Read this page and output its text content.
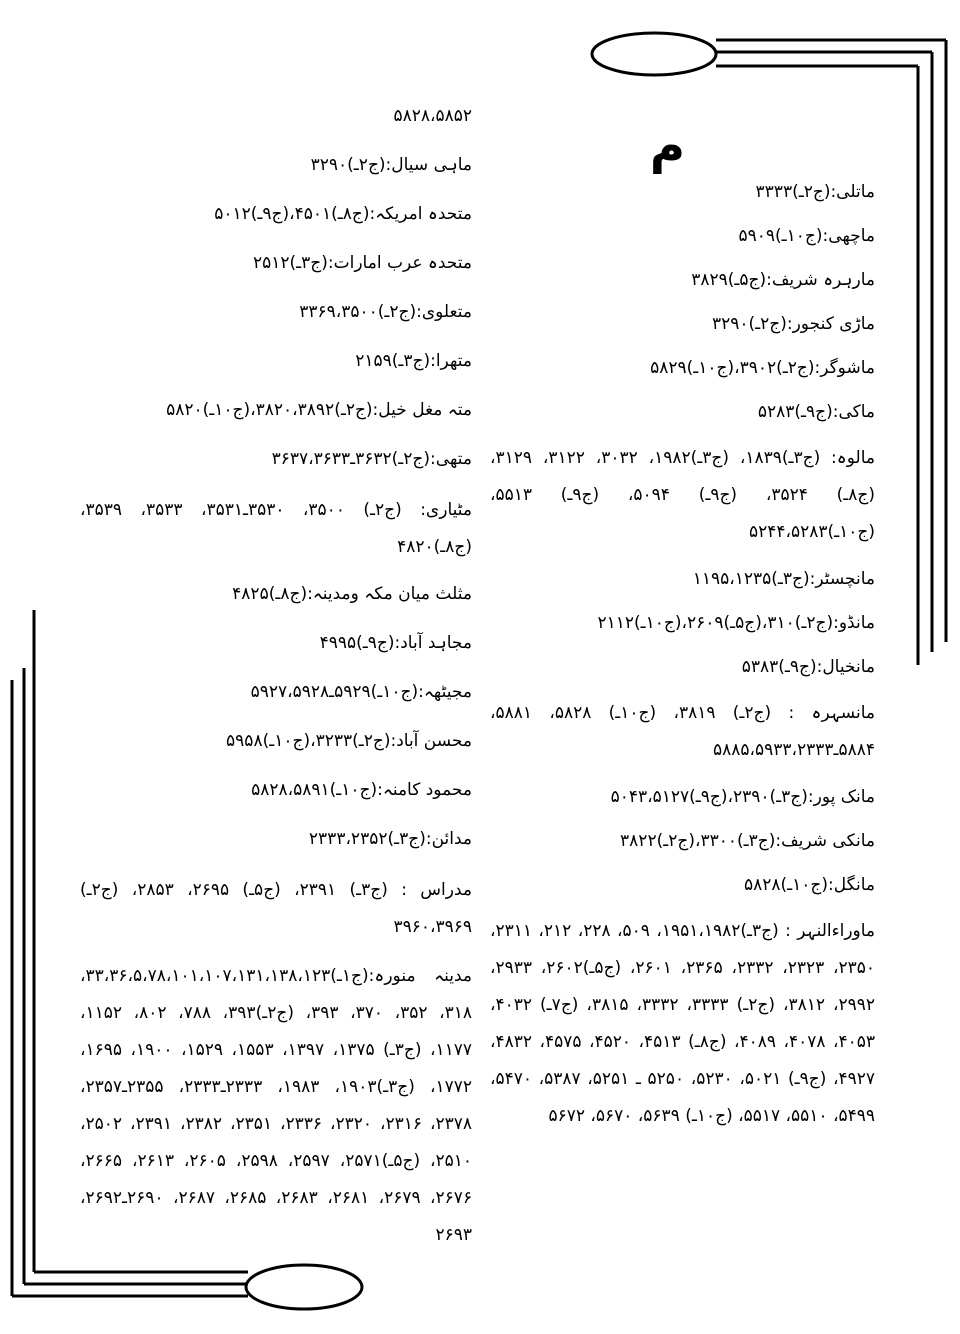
م
ماتلی:(ج۲ـ)۳۳۳۳
ماچھی:(ج۱۰ـ)۵۹۰۹
مارہرہ شریف:(ج۵ـ)۳۸۲۹
ماڑی کنجور:(ج۲ـ)۳۲۹۰
ماشوگر:(ج۲ـ)۳۹۰۲،(ج۱۰ـ)۵۸۲۹
ماکی:(ج۹ـ)۵۲۸۳
مالوہ: (ج۳ـ)۱۸۳۹، (ج۳ـ)۱۹۸۲، ۳۰۳۲، ۳۱۲۲، ۳۱۲۹، (ج۸ـ) ۳۵۲۴، (ج۹ـ) ۵۰۹۴، (ج۹ـ) ۵۵۱۳، (ج۱۰ـ)۵۲۴۴،۵۲۸۳
مانچسٹر:(ج۳ـ)۱۱۹۵،۱۲۳۵
مانڈو:(ج۲ـ)۳۱۰،(ج۵ـ)۲۶۰۹،(ج۱۰ـ)۲۱۱۲
مانخیال:(ج۹ـ)۵۳۸۳
مانسہرہ : (ج۲ـ) ۳۸۱۹، (ج۱۰ـ) ۵۸۲۸، ۵۸۸۱، ۵۸۸۴ـ۵۸۸۵،۵۹۳۳،۲۳۳۳
مانک پور:(ج۳ـ)۲۳۹۰،(ج۹ـ)۵۰۴۳،۵۱۲۷
مانکی شریف:(ج۳ـ)۳۳۰۰،(ج۲ـ)۳۸۲۲
مانگل:(ج۱۰ـ)۵۸۲۸
ماوراءالنہر : (ج۳ـ)۱۹۵۱،۱۹۸۲، ۵۰۹، ۲۲۸، ۲۱۲، ۲۳۱۱، ۲۳۵۰، ۲۳۲۳، ۲۳۳۲، ۲۳۶۵، ۲۶۰۱، (ج۵ـ)۲۶۰۲، ۲۹۳۳، ۲۹۹۲، ۳۸۱۲، (ج۲ـ) ۳۳۳۳، ۳۳۳۲، ۳۸۱۵، (ج۷ـ) ۴۰۳۲، ۴۰۵۳، ۴۰۷۸، ۴۰۸۹، (ج۸ـ) ۴۵۱۳، ۴۵۲۰، ۴۵۷۵، ۴۸۳۲، ۴۹۲۷، (ج۹ـ) ۵۰۲۱، ۵۲۳۰، ۵۲۵۰ ـ ۵۲۵۱، ۵۳۸۷، ۵۴۷۰، ۵۴۹۹، ۵۵۱۰، ۵۵۱۷، (ج۱۰ـ) ۵۶۳۹، ۵۶۷۰، ۵۶۷۲
۵۸۲۸،۵۸۵۲
ماہی سیال:(ج۲ـ)۳۲۹۰
متحدہ امریکہ:(ج۸ـ)۴۵۰۱،(ج۹ـ)۵۰۱۲
متحدہ عرب امارات:(ج۳ـ)۲۵۱۲
متعلوی:(ج۲ـ)۳۳۶۹،۳۵۰۰
متھرا:(ج۳ـ)۲۱۵۹
متہ مغل خیل:(ج۲ـ)۳۸۲۰،۳۸۹۲،(ج۱۰ـ)۵۸۲۰
متھی:(ج۲ـ)۳۶۳۲ـ۳۶۳۷،۳۶۳۳
مٹیاری: (ج۲ـ) ۳۵۰۰، ۳۵۳۰ـ۳۵۳۱، ۳۵۳۳، ۳۵۳۹، (ج۸ـ)۴۸۲۰
مثلث میان مکہ ومدینہ:(ج۸ـ)۴۸۲۵
مجاہد آباد:(ج۹ـ)۴۹۹۵
مجیٹھہ:(ج۱۰ـ)۵۹۲۹ـ۵۹۲۷،۵۹۲۸
محسن آباد:(ج۲ـ)۳۲۳۳،(ج۱۰ـ)۵۹۵۸
محمود کامنہ:(ج۱۰ـ)۵۸۲۸،۵۸۹۱
مدائن:(ج۳ـ)۲۳۳۳،۲۳۵۲
مدراس : (ج۳ـ) ۲۳۹۱، (ج۵ـ) ۲۶۹۵، ۲۸۵۳، (ج۲ـ) ۳۹۶۰،۳۹۶۹
مدینہ منورہ:(ج۱ـ)۳۳،۳۶،۵،۷۸،۱۰۱،۱۰۷،۱۳۱،۱۳۸،۱۲۳، ۳۱۸، ۳۵۲، ۳۷۰، ۳۹۳، (ج۲ـ)۳۹۳، ۷۸۸، ۸۰۲، ۱۱۵۲، ۱۱۷۷، (ج۳ـ) ۱۳۷۵، ۱۳۹۷، ۱۵۵۳، ۱۵۲۹، ۱۹۰۰، ۱۶۹۵، ۱۷۷۲، (ج۳ـ)۱۹۰۳، ۱۹۸۳، ۲۳۳۳ـ۲۳۳۳، ۲۳۵۵ـ۲۳۵۷، ۲۳۷۸، ۲۳۱۶، ۲۳۲۰، ۲۳۳۶، ۲۳۵۱، ۲۳۸۲، ۲۳۹۱، ۲۵۰۲، ۲۵۱۰، (ج۵ـ)۲۵۷۱، ۲۵۹۷، ۲۵۹۸، ۲۶۰۵، ۲۶۱۳، ۲۶۶۵، ۲۶۷۶، ۲۶۷۹، ۲۶۸۱، ۲۶۸۳، ۲۶۸۵، ۲۶۸۷، ۲۶۹۰ـ۲۶۹۲، ۲۶۹۳
